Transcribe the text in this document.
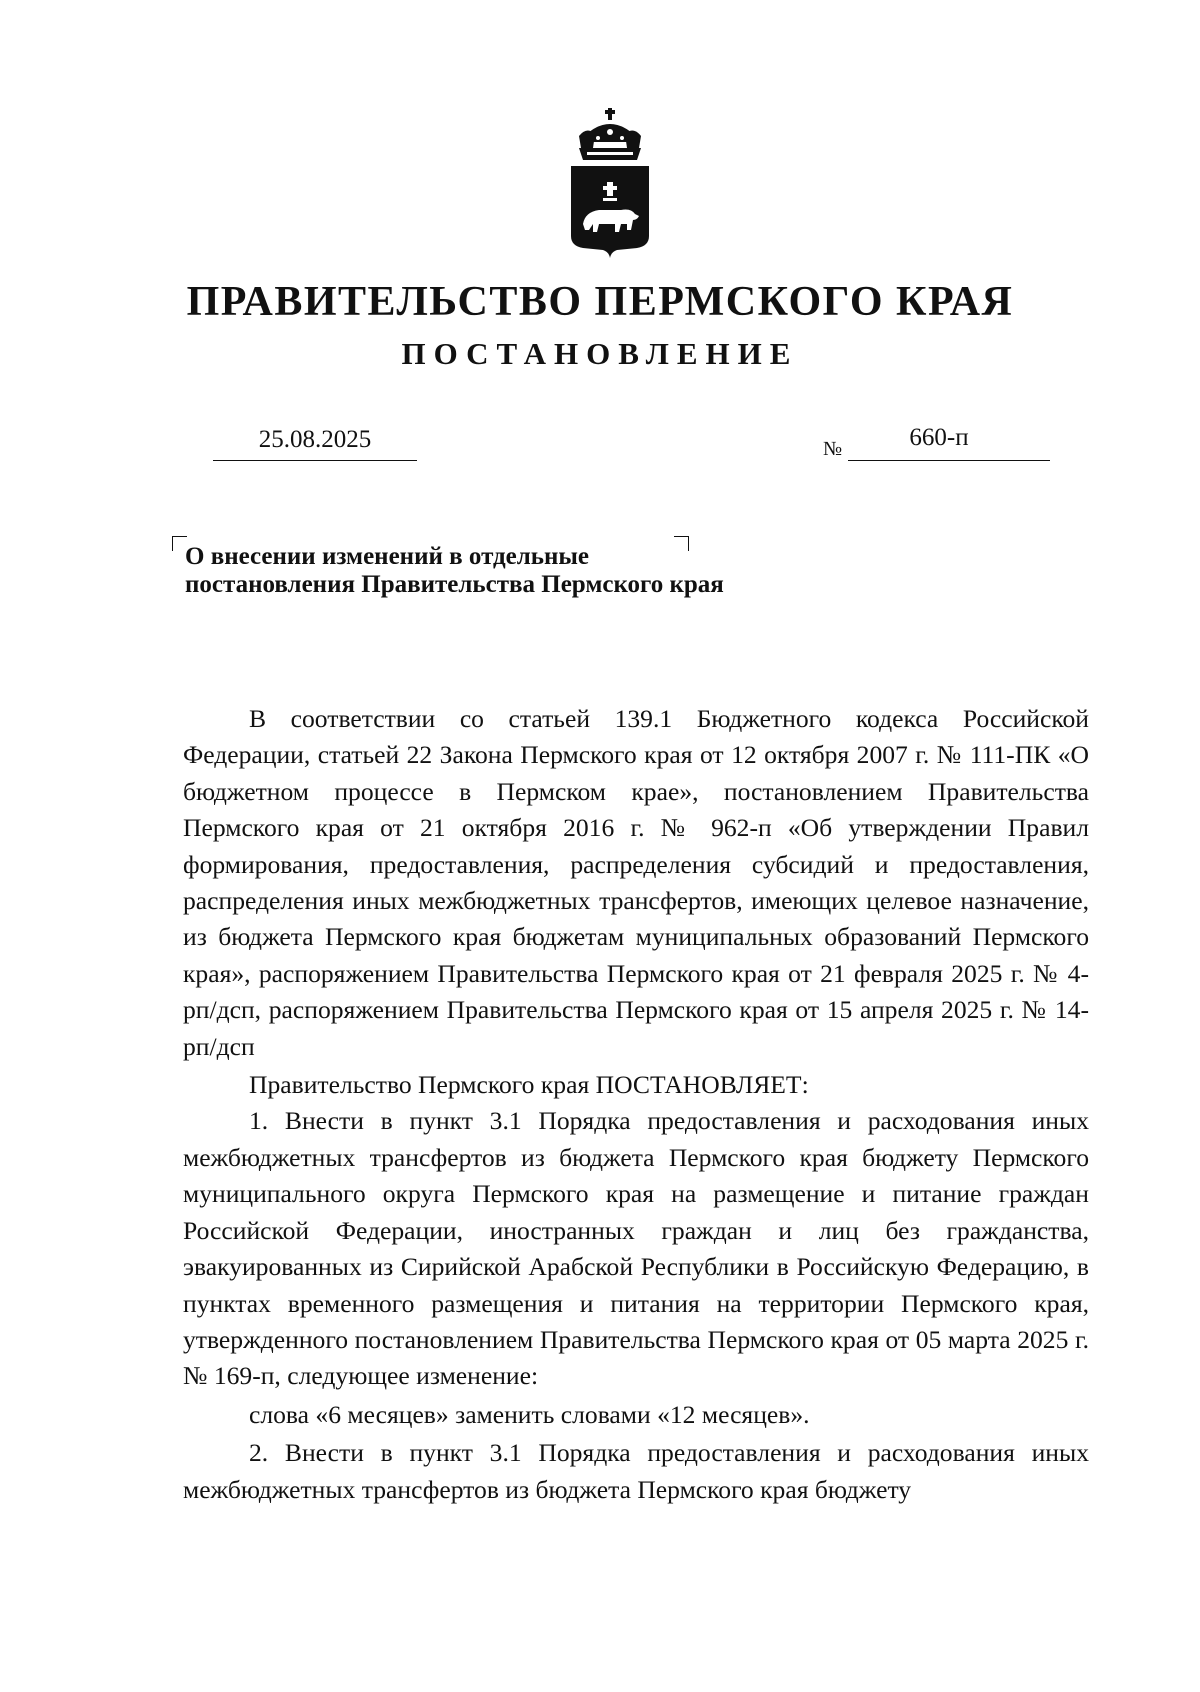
ПРАВИТЕЛЬСТВО ПЕРМСКОГО КРАЯ
ПОСТАНОВЛЕНИЕ
25.08.2025	№	660-п
О внесении изменений в отдельные
постановления Правительства Пермского края

В соответствии со статьей 139.1 Бюджетного кодекса Российской Федерации, статьей 22 Закона Пермского края от 12 октября 2007 г. № 111-ПК «О бюджетном процессе в Пермском крае», постановлением Правительства Пермского края от 21 октября 2016 г. № 962-п «Об утверждении Правил формирования, предоставления, распределения субсидий и предоставления, распределения иных межбюджетных трансфертов, имеющих целевое назначение, из бюджета Пермского края бюджетам муниципальных образований Пермского края», распоряжением Правительства Пермского края от 21 февраля 2025 г. № 4-рп/дсп, распоряжением Правительства Пермского края от 15 апреля 2025 г. № 14-рп/дсп

Правительство Пермского края ПОСТАНОВЛЯЕТ:

1. Внести в пункт 3.1 Порядка предоставления и расходования иных межбюджетных трансфертов из бюджета Пермского края бюджету Пермского муниципального округа Пермского края на размещение и питание граждан Российской Федерации, иностранных граждан и лиц без гражданства, эвакуированных из Сирийской Арабской Республики в Российскую Федерацию, в пунктах временного размещения и питания на территории Пермского края, утвержденного постановлением Правительства Пермского края от 05 марта 2025 г. № 169-п, следующее изменение:

слова «6 месяцев» заменить словами «12 месяцев».

2. Внести в пункт 3.1 Порядка предоставления и расходования иных межбюджетных трансфертов из бюджета Пермского края бюджету
